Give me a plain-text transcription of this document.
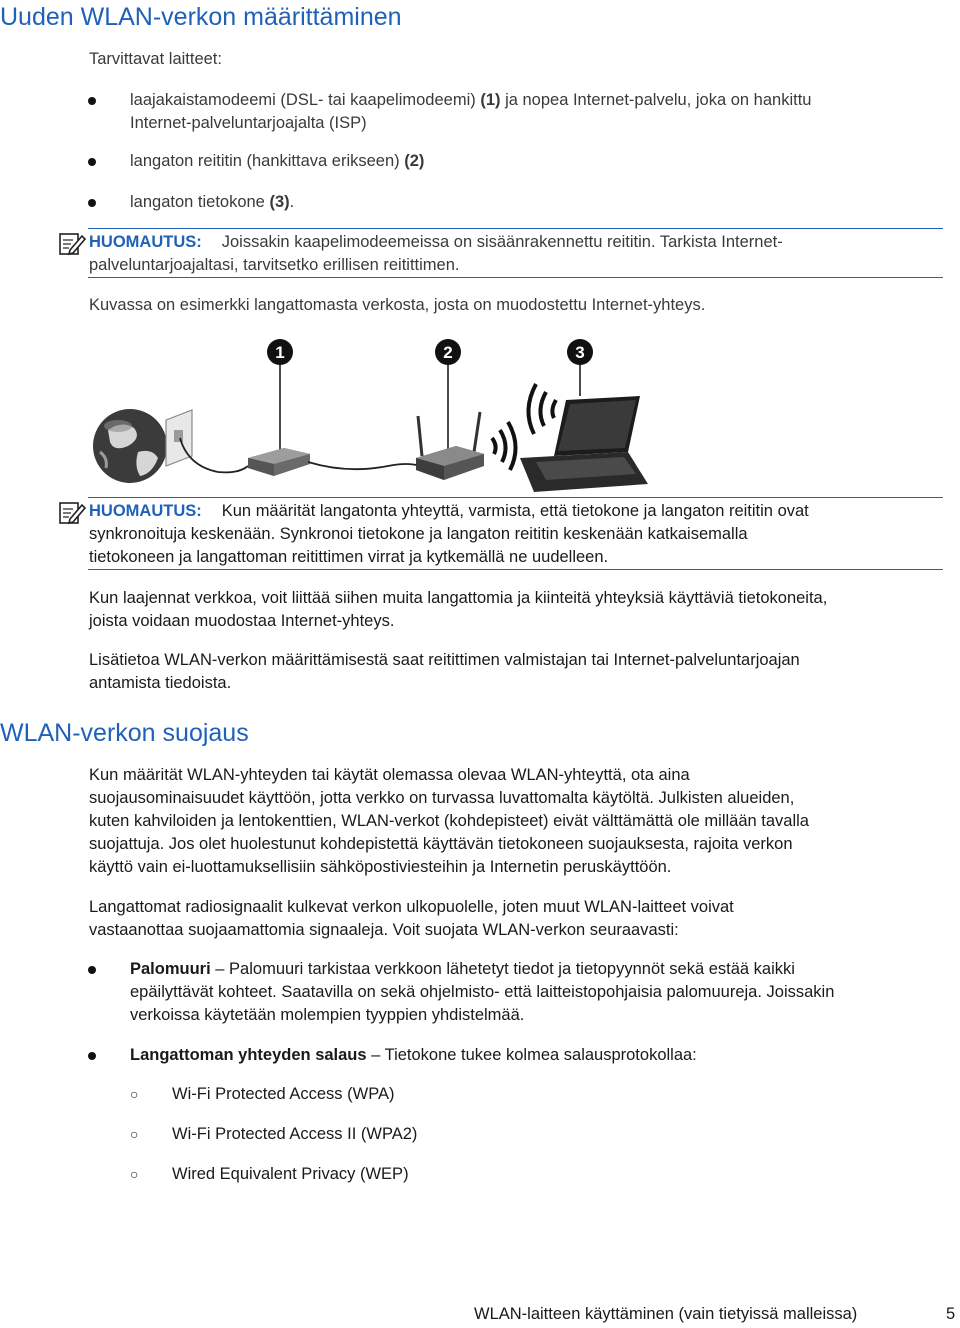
Uuden WLAN-verkon määrittäminen
Tarvittavat laitteet:
laajakaistamodeemi (DSL- tai kaapelimodeemi) (1) ja nopea Internet-palvelu, joka on hankittu
Internet-palveluntarjoajalta (ISP)
langaton reititin (hankittava erikseen) (2)
langaton tietokone (3).
HUOMAUTUS: Joissakin kaapelimodeemeissa on sisäänrakennettu reititin. Tarkista Internet-
palveluntarjoajaltasi, tarvitsetko erillisen reitittimen.
Kuvassa on esimerkki langattomasta verkosta, josta on muodostettu Internet-yhteys.
1	2	3
HUOMAUTUS: Kun määrität langatonta yhteyttä, varmista, että tietokone ja langaton reititin ovat
synkronoituja keskenään. Synkronoi tietokone ja langaton reititin keskenään katkaisemalla
tietokoneen ja langattoman reitittimen virrat ja kytkemällä ne uudelleen.
Kun laajennat verkkoa, voit liittää siihen muita langattomia ja kiinteitä yhteyksiä käyttäviä tietokoneita,
joista voidaan muodostaa Internet-yhteys.
Lisätietoa WLAN-verkon määrittämisestä saat reitittimen valmistajan tai Internet-palveluntarjoajan
antamista tiedoista.
WLAN-verkon suojaus
Kun määrität WLAN-yhteyden tai käytät olemassa olevaa WLAN-yhteyttä, ota aina
suojausominaisuudet käyttöön, jotta verkko on turvassa luvattomalta käytöltä. Julkisten alueiden,
kuten kahviloiden ja lentokenttien, WLAN-verkot (kohdepisteet) eivät välttämättä ole millään tavalla
suojattuja. Jos olet huolestunut kohdepistettä käyttävän tietokoneen suojauksesta, rajoita verkon
käyttö vain ei-luottamuksellisiin sähköpostiviesteihin ja Internetin peruskäyttöön.
Langattomat radiosignaalit kulkevat verkon ulkopuolelle, joten muut WLAN-laitteet voivat
vastaanottaa suojaamattomia signaaleja. Voit suojata WLAN-verkon seuraavasti:
Palomuuri – Palomuuri tarkistaa verkkoon lähetetyt tiedot ja tietopyynnöt sekä estää kaikki
epäilyttävät kohteet. Saatavilla on sekä ohjelmisto- että laitteistopohjaisia palomuureja. Joissakin
verkoissa käytetään molempien tyyppien yhdistelmää.
Langattoman yhteyden salaus – Tietokone tukee kolmea salausprotokollaa:
○ Wi-Fi Protected Access (WPA)
○ Wi-Fi Protected Access II (WPA2)
○ Wired Equivalent Privacy (WEP)
WLAN-laitteen käyttäminen (vain tietyissä malleissa)	5
